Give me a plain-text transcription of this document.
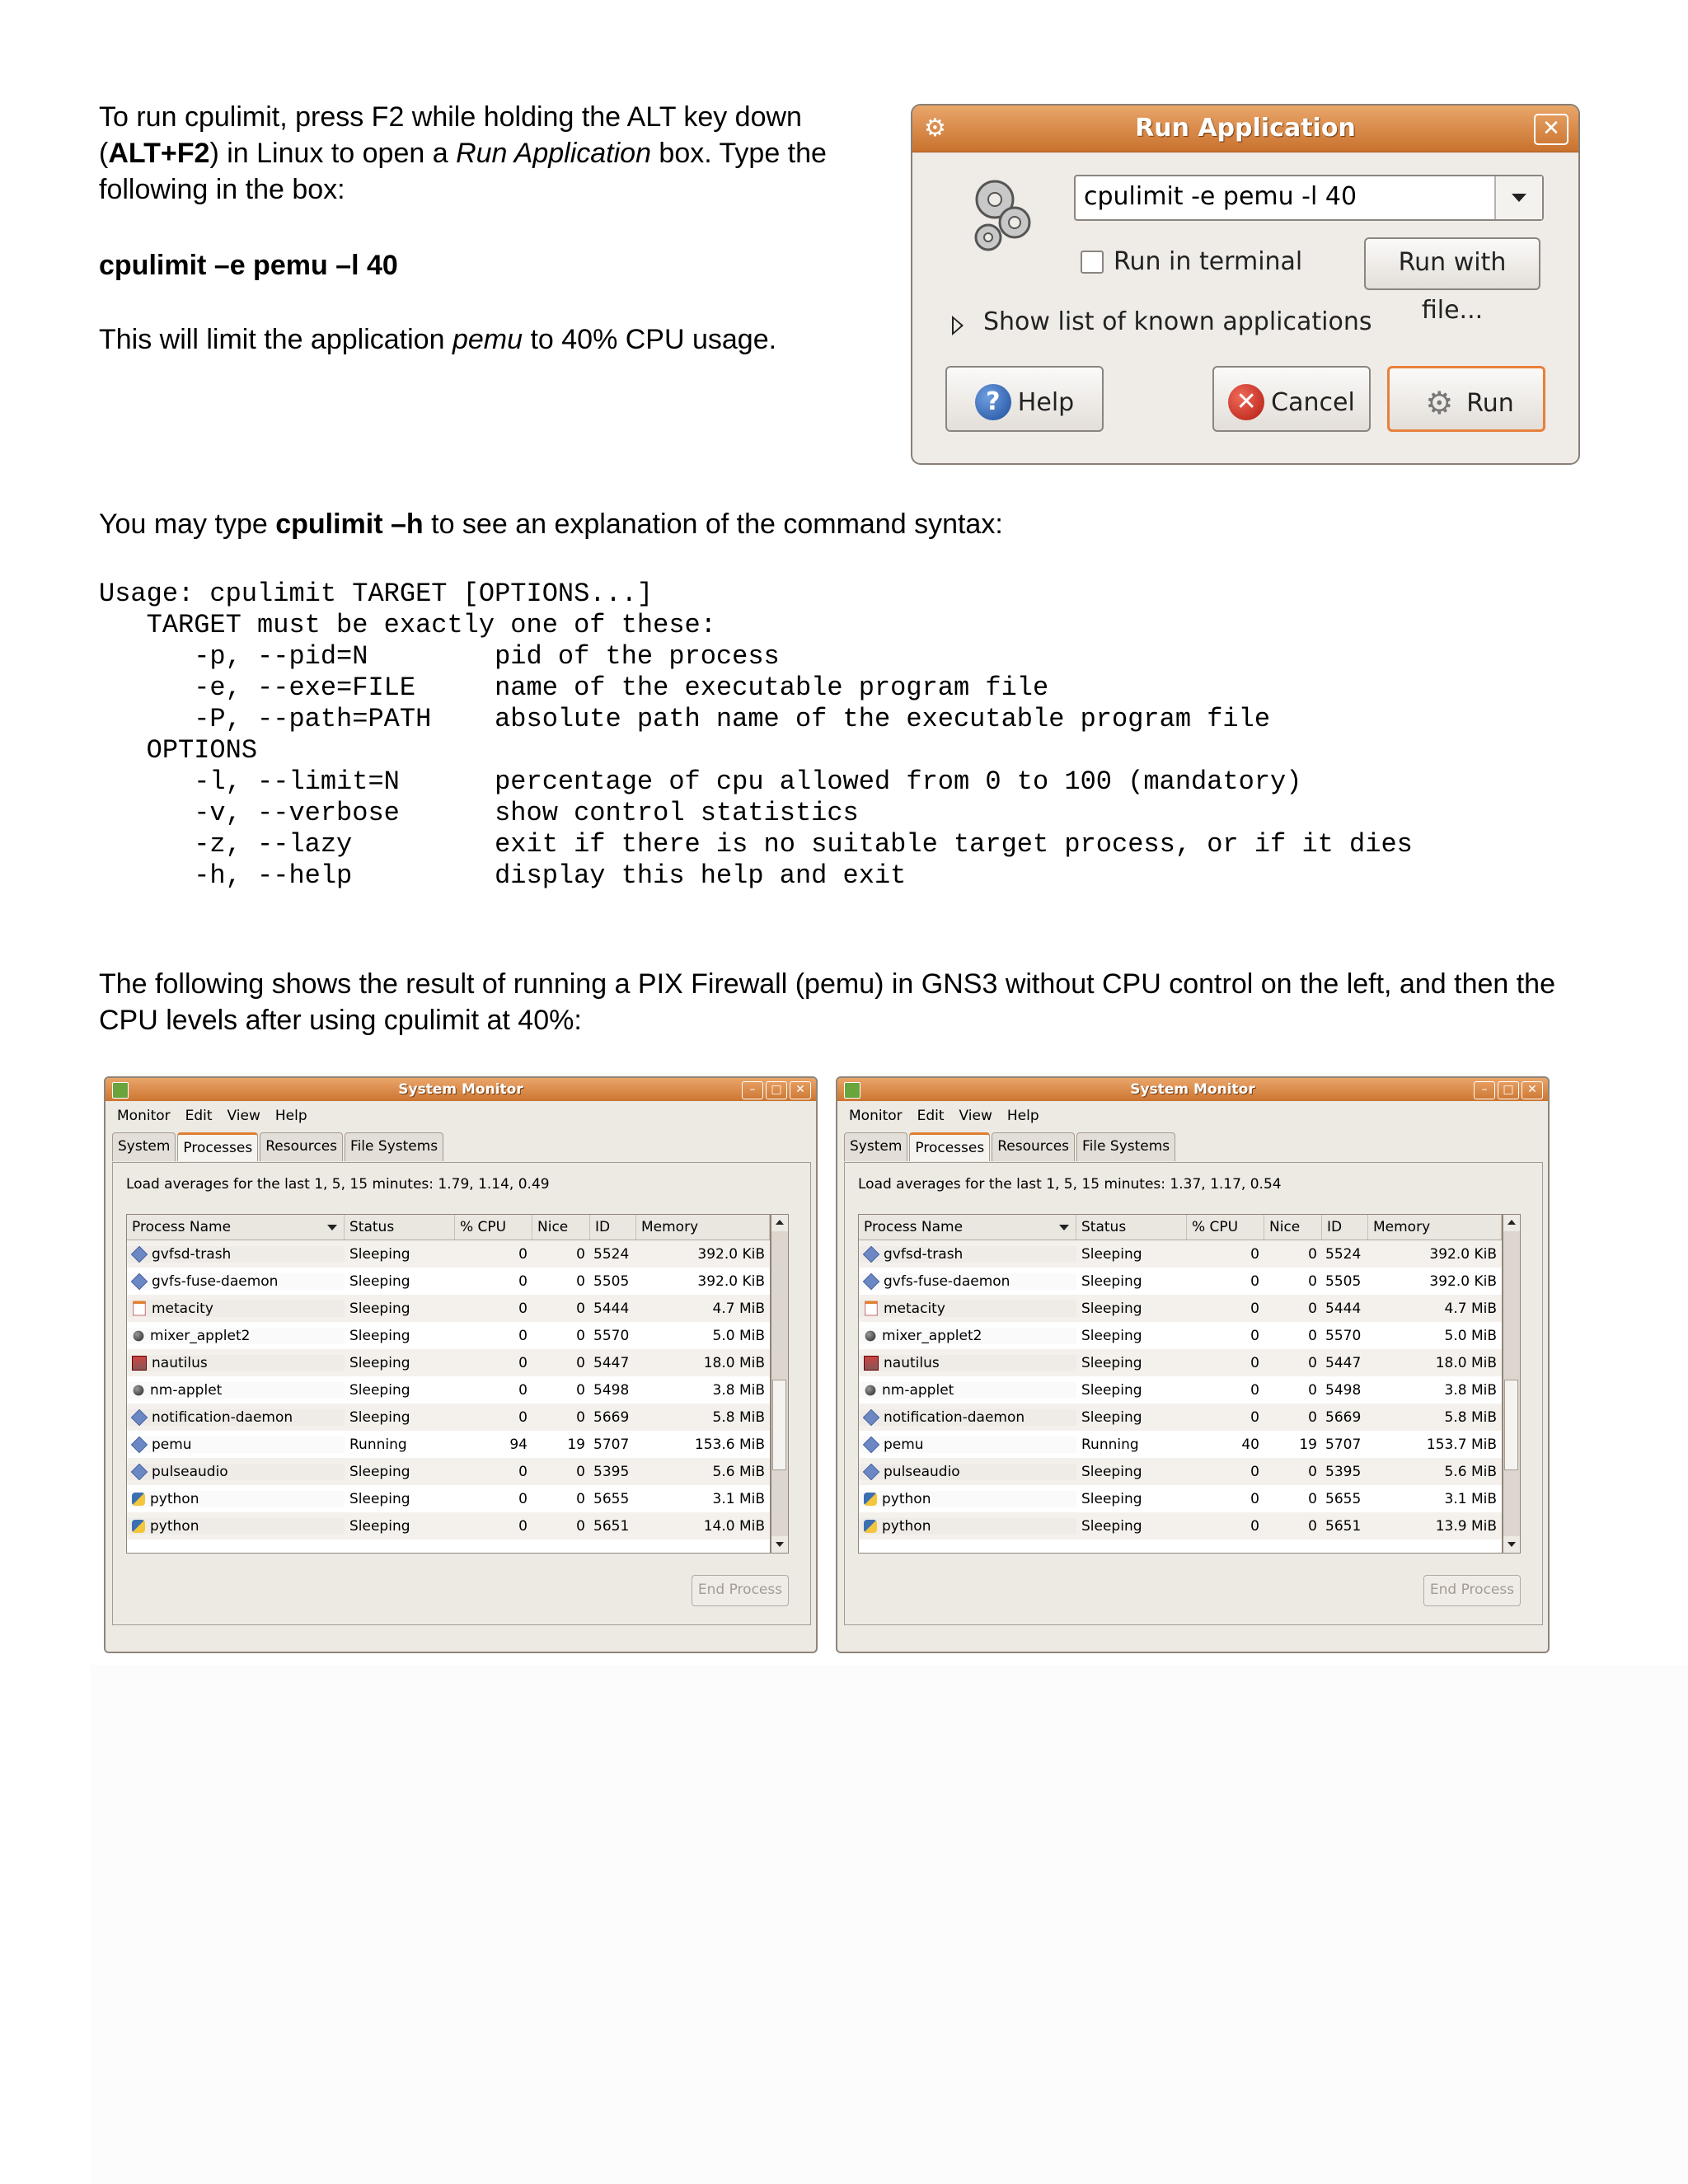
To run cpulimit, press F2 while holding the ALT key down
(ALT+F2) in Linux to open a Run Application box. Type the
following in the box:
cpulimit –e pemu –l 40
This will limit the application pemu to 40% CPU usage.
⚙	Run Application	✕
cpulimit -e pemu -l 40
Run in terminal	Run with file...
Show list of known applications
? Help	✕ Cancel ⚙ Run
You may type cpulimit –h to see an explanation of the command syntax:
Usage: cpulimit TARGET [OPTIONS...]
TARGET must be exactly one of these:
-p, --pid=N        pid of the process
-e, --exe=FILE     name of the executable program file
-P, --path=PATH    absolute path name of the executable program file
OPTIONS
-l, --limit=N      percentage of cpu allowed from 0 to 100 (mandatory)
-v, --verbose      show control statistics
-z, --lazy         exit if there is no suitable target process, or if it dies
-h, --help         display this help and exit
The following shows the result of running a PIX Firewall (pemu) in GNS3 without CPU control on the left, and then the
CPU levels after using cpulimit at 40%:
System Monitor	–	□	✕
Monitor Edit View Help
System Processes Resources File Systems
Load averages for the last 1, 5, 15 minutes: 1.79, 1.14, 0.49
Process Name	Status	% CPU	Nice	ID	Memory
gvfsd-trash	Sleeping	0	0 5524	392.0 KiB
gvfs-fuse-daemon	Sleeping	0	0 5505	392.0 KiB
metacity	Sleeping	0	0 5444	4.7 MiB
mixer_applet2	Sleeping	0	0 5570	5.0 MiB
nautilus	Sleeping	0	0 5447	18.0 MiB
nm-applet	Sleeping	0	0 5498	3.8 MiB
notification-daemon	Sleeping	0	0 5669	5.8 MiB
pemu	Running	94	19 5707	153.6 MiB
pulseaudio	Sleeping	0	0 5395	5.6 MiB
python	Sleeping	0	0 5655	3.1 MiB
python	Sleeping	0	0 5651	14.0 MiB
End Process
System Monitor	–	□	✕
Monitor Edit View Help
System Processes Resources File Systems
Load averages for the last 1, 5, 15 minutes: 1.37, 1.17, 0.54
Process Name	Status	% CPU	Nice	ID	Memory
gvfsd-trash	Sleeping	0	0 5524	392.0 KiB
gvfs-fuse-daemon	Sleeping	0	0 5505	392.0 KiB
metacity	Sleeping	0	0 5444	4.7 MiB
mixer_applet2	Sleeping	0	0 5570	5.0 MiB
nautilus	Sleeping	0	0 5447	18.0 MiB
nm-applet	Sleeping	0	0 5498	3.8 MiB
notification-daemon	Sleeping	0	0 5669	5.8 MiB
pemu	Running	40	19 5707	153.7 MiB
pulseaudio	Sleeping	0	0 5395	5.6 MiB
python	Sleeping	0	0 5655	3.1 MiB
python	Sleeping	0	0 5651	13.9 MiB
End Process
